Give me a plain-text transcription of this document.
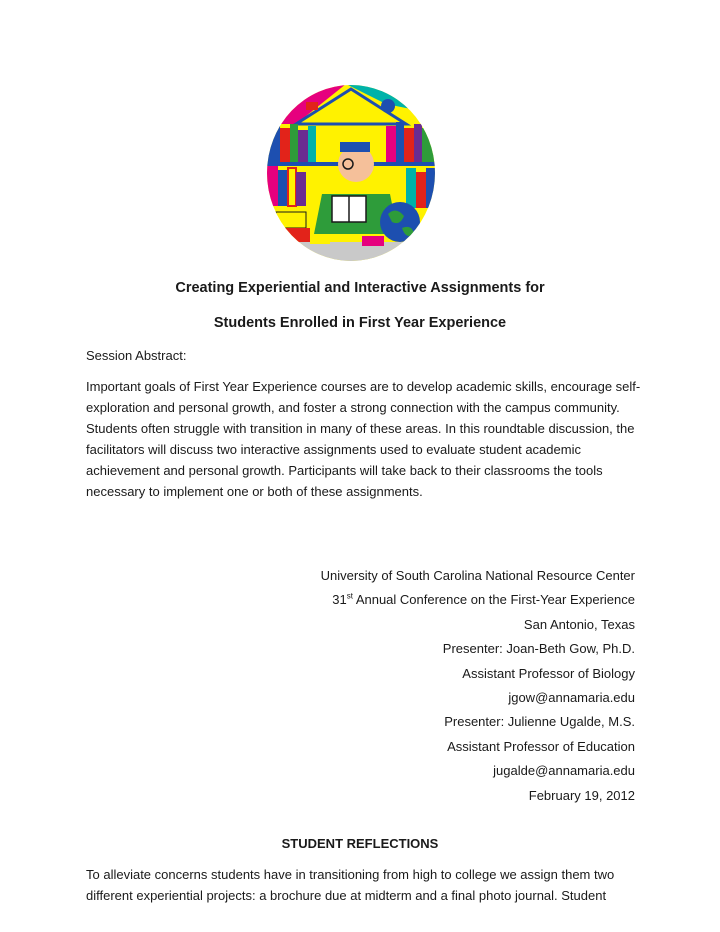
Creating Experiential and Interactive Assignments for
Students Enrolled in First Year Experience
Session Abstract:

Important goals of First Year Experience courses are to develop academic skills, encourage self-exploration and personal growth, and foster a strong connection with the campus community. Students often struggle with transition in many of these areas. In this roundtable discussion, the facilitators will discuss two interactive assignments used to evaluate student academic achievement and personal growth. Participants will take back to their classrooms the tools necessary to implement one or both of these assignments.

University of South Carolina National Resource Center
31st Annual Conference on the First-Year Experience
San Antonio, Texas
Presenter: Joan-Beth Gow, Ph.D.
Assistant Professor of Biology
jgow@annamaria.edu
Presenter: Julienne Ugalde, M.S.
Assistant Professor of Education
jugalde@annamaria.edu
February 19, 2012
STUDENT REFLECTIONS

To alleviate concerns students have in transitioning from high to college we assign them two different experiential projects: a brochure due at midterm and a final photo journal. Student
